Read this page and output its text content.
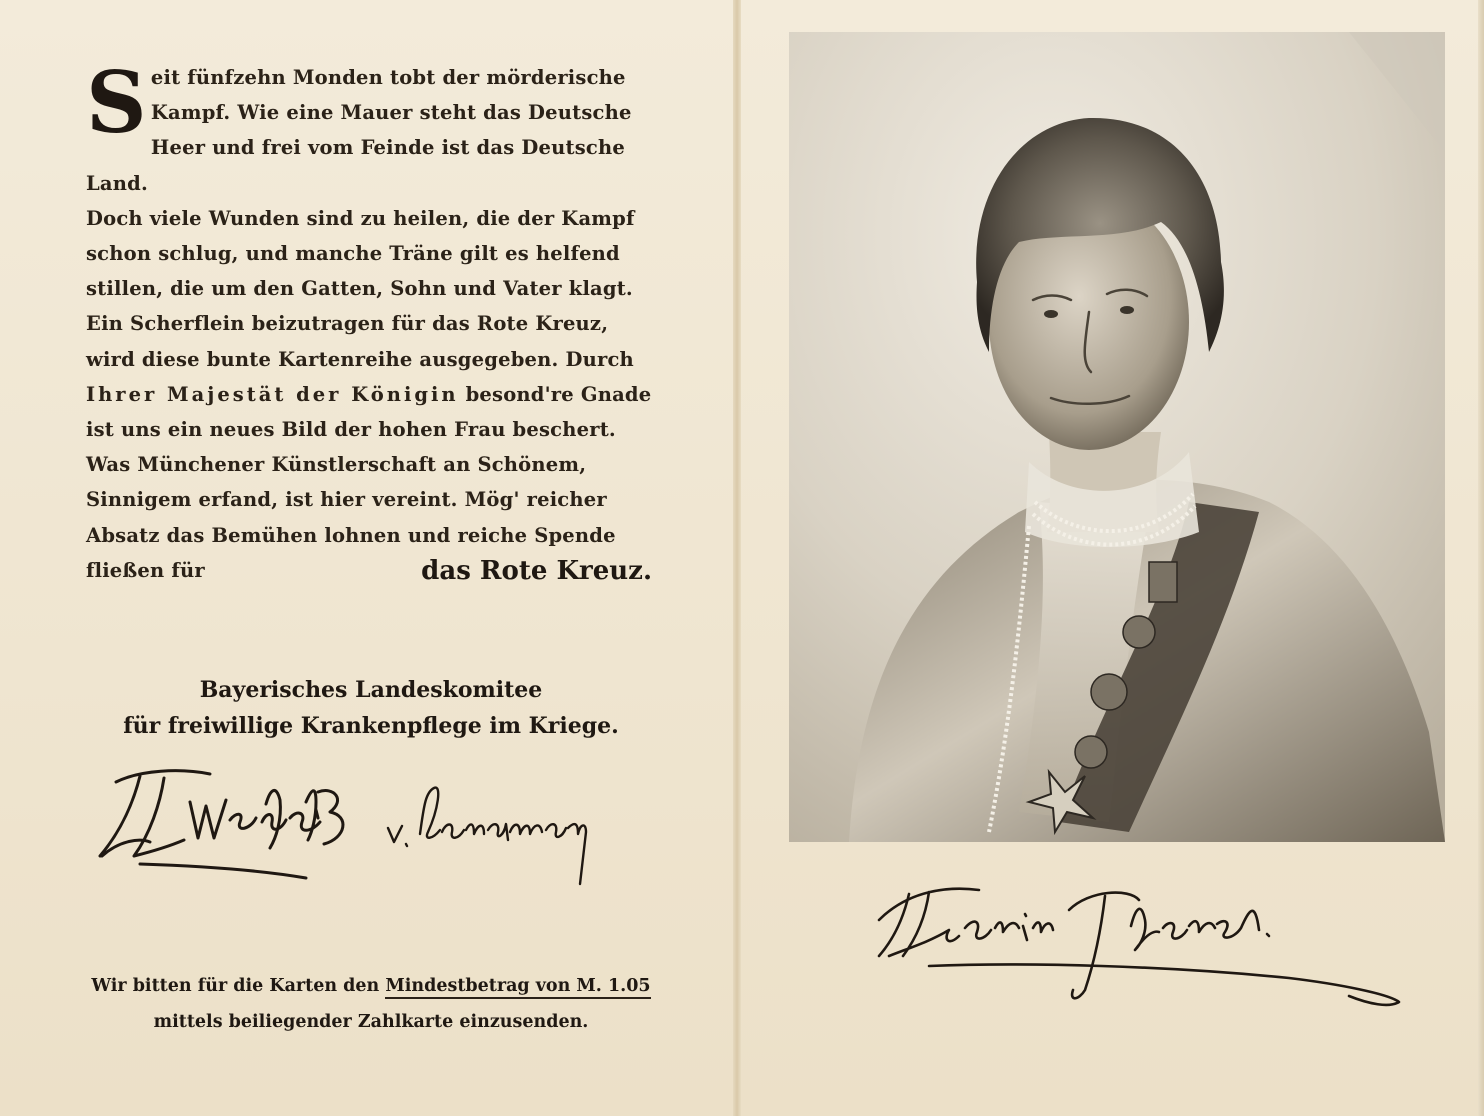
Seit fünfzehn Monden tobt der mörderische Kampf. Wie eine Mauer steht das Deutsche Heer und frei vom Feinde ist das Deutsche Land.

Doch viele Wunden sind zu heilen, die der Kampf schon schlug, und manche Träne gilt es helfend stillen, die um den Gatten, Sohn und Vater klagt.

Ein Scherflein beizutragen für das Rote Kreuz, wird diese bunte Kartenreihe ausgegeben. Durch Ihrer Majestät der Königin besond're Gnade ist uns ein neues Bild der hohen Frau beschert. Was Münchener Künstlerschaft an Schönem, Sinnigem erfand, ist hier vereint. Mög' reicher Absatz das Bemühen lohnen und reiche Spende fließen für	das Rote Kreuz.
Bayerisches Landeskomitee
für freiwillige Krankenpflege im Kriege.
Wir bitten für die Karten den Mindestbetrag von M. 1.05
mittels beiliegender Zahlkarte einzusenden.
